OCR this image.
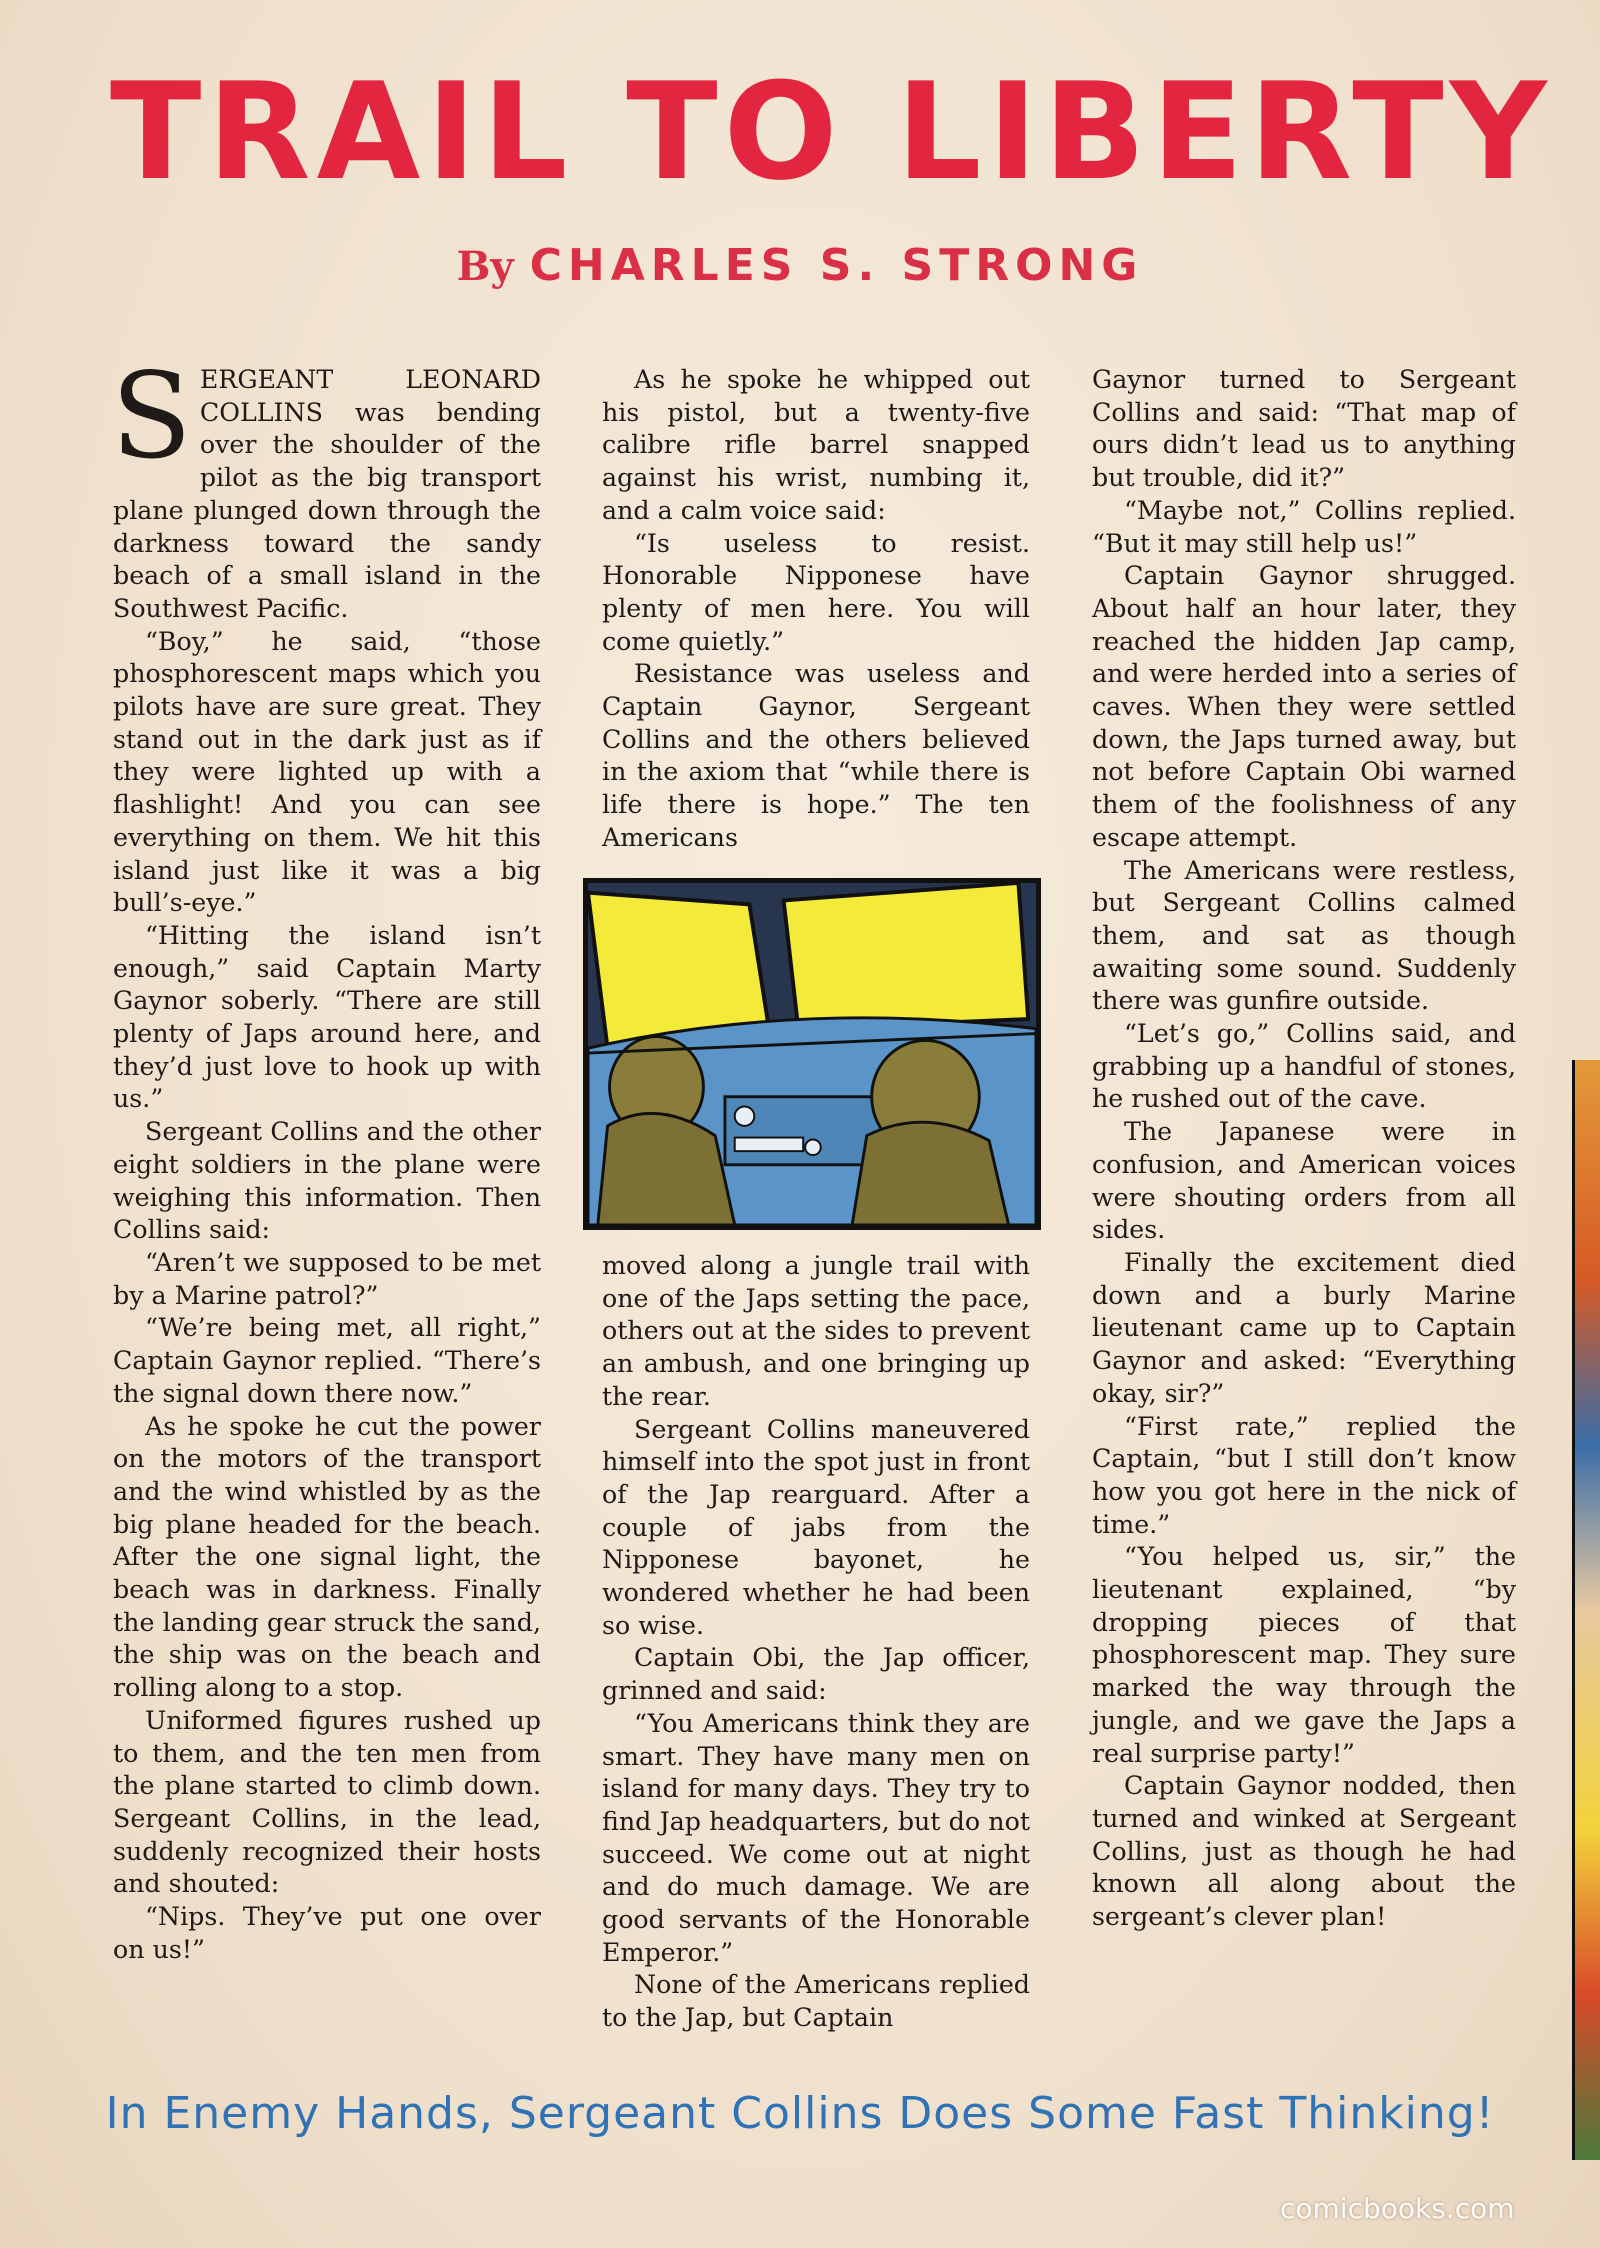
TRAIL TO LIBERTY
By CHARLES S. STRONG

SERGEANT LEONARD COLLINS was bending over the shoulder of the pilot as the big transport plane plunged down through the darkness toward the sandy beach of a small island in the Southwest Pacific.

“Boy,” he said, “those phosphorescent maps which you pilots have are sure great. They stand out in the dark just as if they were lighted up with a flashlight! And you can see everything on them. We hit this island just like it was a big bull’s-eye.”

“Hitting the island isn’t enough,” said Captain Marty Gaynor soberly. “There are still plenty of Japs around here, and they’d just love to hook up with us.”

Sergeant Collins and the other eight soldiers in the plane were weighing this information. Then Collins said:

“Aren’t we supposed to be met by a Marine patrol?”

“We’re being met, all right,” Captain Gaynor replied. “There’s the signal down there now.”

As he spoke he cut the power on the motors of the transport and the wind whistled by as the big plane headed for the beach. After the one signal light, the beach was in darkness. Finally the landing gear struck the sand, the ship was on the beach and rolling along to a stop.

Uniformed figures rushed up to them, and the ten men from the plane started to climb down. Sergeant Collins, in the lead, suddenly recognized their hosts and shouted:

“Nips. They’ve put one over on us!”

As he spoke he whipped out his pistol, but a twenty-five calibre rifle barrel snapped against his wrist, numbing it, and a calm voice said:

“Is useless to resist. Honorable Nipponese have plenty of men here. You will come quietly.”

Resistance was useless and Captain Gaynor, Sergeant Collins and the others believed in the axiom that “while there is life there is hope.” The ten Americans

moved along a jungle trail with one of the Japs setting the pace, others out at the sides to prevent an ambush, and one bringing up the rear.

Sergeant Collins maneuvered himself into the spot just in front of the Jap rearguard. After a couple of jabs from the Nipponese bayonet, he wondered whether he had been so wise.

Captain Obi, the Jap officer, grinned and said:

“You Americans think they are smart. They have many men on island for many days. They try to find Jap headquarters, but do not succeed. We come out at night and do much damage. We are good servants of the Honorable Emperor.”

None of the Americans replied to the Jap, but Captain

Gaynor turned to Sergeant Collins and said: “That map of ours didn’t lead us to anything but trouble, did it?”

“Maybe not,” Collins replied. “But it may still help us!”

Captain Gaynor shrugged. About half an hour later, they reached the hidden Jap camp, and were herded into a series of caves. When they were settled down, the Japs turned away, but not before Captain Obi warned them of the foolishness of any escape attempt.

The Americans were restless, but Sergeant Collins calmed them, and sat as though awaiting some sound. Suddenly there was gunfire outside.

“Let’s go,” Collins said, and grabbing up a handful of stones, he rushed out of the cave.

The Japanese were in confusion, and American voices were shouting orders from all sides.

Finally the excitement died down and a burly Marine lieutenant came up to Captain Gaynor and asked: “Everything okay, sir?”

“First rate,” replied the Captain, “but I still don’t know how you got here in the nick of time.”

“You helped us, sir,” the lieutenant explained, “by dropping pieces of that phosphorescent map. They sure marked the way through the jungle, and we gave the Japs a real surprise party!”

Captain Gaynor nodded, then turned and winked at Sergeant Collins, just as though he had known all along about the sergeant’s clever plan!

In Enemy Hands, Sergeant Collins Does Some Fast Thinking!
comicbooks.com
